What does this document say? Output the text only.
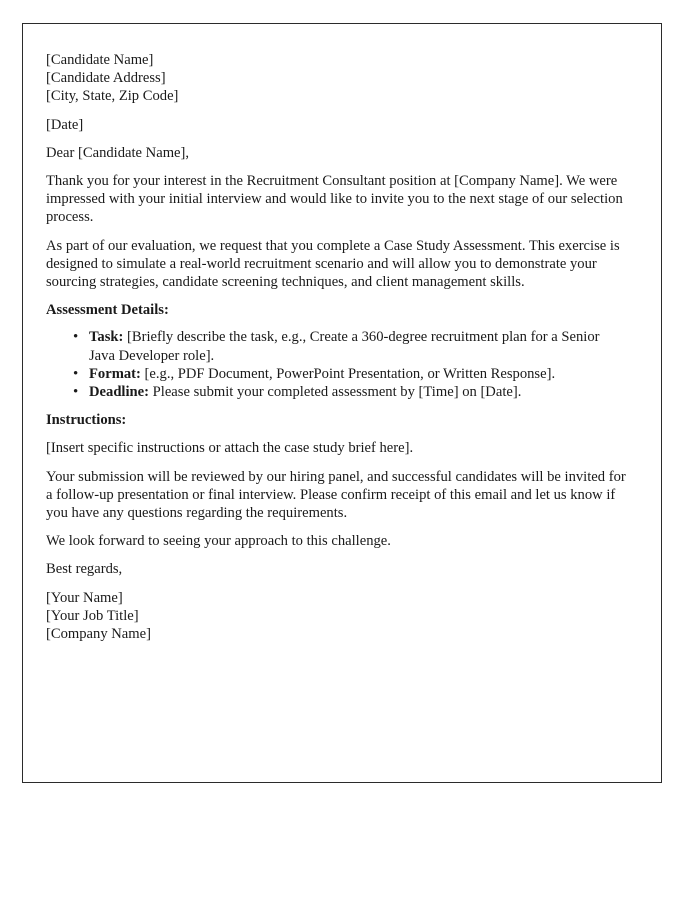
[Candidate Name]
[Candidate Address]
[City, State, Zip Code]
[Date]
Dear [Candidate Name],

Thank you for your interest in the Recruitment Consultant position at [Company Name]. We were impressed with your initial interview and would like to invite you to the next stage of our selection process.

As part of our evaluation, we request that you complete a Case Study Assessment. This exercise is designed to simulate a real-world recruitment scenario and will allow you to demonstrate your sourcing strategies, candidate screening techniques, and client management skills.

Assessment Details:
• Task: [Briefly describe the task, e.g., Create a 360-degree recruitment plan for a Senior Java Developer role].
• Format: [e.g., PDF Document, PowerPoint Presentation, or Written Response].
• Deadline: Please submit your completed assessment by [Time] on [Date].
Instructions:

[Insert specific instructions or attach the case study brief here].

Your submission will be reviewed by our hiring panel, and successful candidates will be invited for a follow-up presentation or final interview. Please confirm receipt of this email and let us know if you have any questions regarding the requirements.

We look forward to seeing your approach to this challenge.

Best regards,
[Your Name]
[Your Job Title]
[Company Name]
